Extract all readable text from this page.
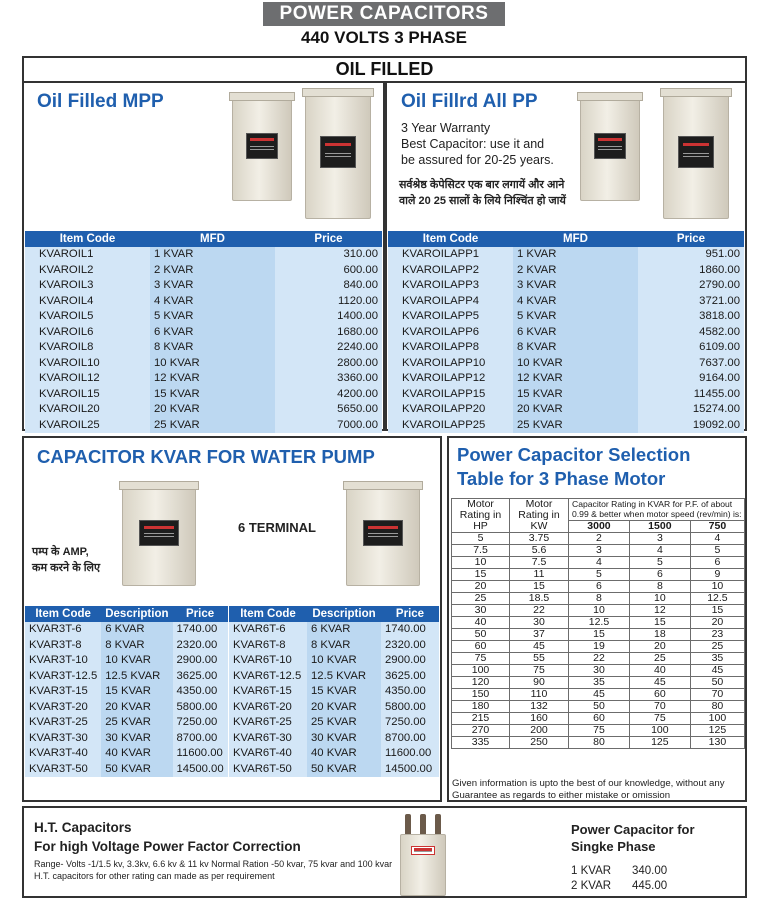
POWER CAPACITORS
440 VOLTS 3 PHASE
OIL FILLED
Oil Filled MPP
Item Code	MFD	Price
KVAROIL1	1 KVAR	310.00
KVAROIL2	2 KVAR	600.00
KVAROIL3	3 KVAR	840.00
KVAROIL4	4 KVAR	1120.00
KVAROIL5	5 KVAR	1400.00
KVAROIL6	6 KVAR	1680.00
KVAROIL8	8 KVAR	2240.00
KVAROIL10	10 KVAR	2800.00
KVAROIL12	12 KVAR	3360.00
KVAROIL15	15 KVAR	4200.00
KVAROIL20	20 KVAR	5650.00
KVAROIL25	25 KVAR	7000.00
Oil Fillrd All PP
3 Year Warranty
Best Capacitor: use it and
be assured for 20-25 years.
सर्वश्रेष्ठ केपेसिटर एक बार लगायें और आने
वाले 20 25 सालों के लिये निश्चिंत हो जायें
Item Code	MFD	Price
KVAROILAPP1	1 KVAR	951.00
KVAROILAPP2	2 KVAR	1860.00
KVAROILAPP3	3 KVAR	2790.00
KVAROILAPP4	4 KVAR	3721.00
KVAROILAPP5	5 KVAR	3818.00
KVAROILAPP6	6 KVAR	4582.00
KVAROILAPP8	8 KVAR	6109.00
KVAROILAPP10	10 KVAR	7637.00
KVAROILAPP12	12 KVAR	9164.00
KVAROILAPP15	15 KVAR	11455.00
KVAROILAPP20	20 KVAR	15274.00
KVAROILAPP25	25 KVAR	19092.00
CAPACITOR KVAR FOR WATER PUMP
पम्प के AMP,
कम करने के लिए
6 TERMINAL
Item Code	Description	Price
KVAR3T-6	6 KVAR	1740.00
KVAR3T-8	8 KVAR	2320.00
KVAR3T-10	10 KVAR	2900.00
KVAR3T-12.5	12.5 KVAR	3625.00
KVAR3T-15	15 KVAR	4350.00
KVAR3T-20	20 KVAR	5800.00
KVAR3T-25	25 KVAR	7250.00
KVAR3T-30	30 KVAR	8700.00
KVAR3T-40	40 KVAR	11600.00
KVAR3T-50	50 KVAR	14500.00
Item Code	Description	Price
KVAR6T-6	6 KVAR	1740.00
KVAR6T-8	8 KVAR	2320.00
KVAR6T-10	10 KVAR	2900.00
KVAR6T-12.5	12.5 KVAR	3625.00
KVAR6T-15	15 KVAR	4350.00
KVAR6T-20	20 KVAR	5800.00
KVAR6T-25	25 KVAR	7250.00
KVAR6T-30	30 KVAR	8700.00
KVAR6T-40	40 KVAR	11600.00
KVAR6T-50	50 KVAR	14500.00
Power Capacitor Selection
Table for 3 Phase Motor
Motor Rating in HP	Motor Rating in KW	Capacitor Rating in KVAR for P.F. of about 0.99 & better when motor speed (rev/min) is:		
		3000	1500	750
5	3.75	2	3	4
7.5	5.6	3	4	5
10	7.5	4	5	6
15	11	5	6	9
20	15	6	8	10
25	18.5	8	10	12.5
30	22	10	12	15
40	30	12.5	15	20
50	37	15	18	23
60	45	19	20	25
75	55	22	25	35
100	75	30	40	45
120	90	35	45	50
150	110	45	60	70
180	132	50	70	80
215	160	60	75	100
270	200	75	100	125
335	250	80	125	130
Given information is upto the best of our knowledge, without any
Guarantee as regards to either mistake or omission
H.T. Capacitors
For high Voltage Power Factor Correction
Range- Volts -1/1.5 kv, 3.3kv, 6.6 kv & 11 kv Normal Ration -50 kvar, 75 kvar and 100 kvar
H.T. capacitors for other rating can made as per requirement
Power Capacitor for
Singke Phase
1 KVAR 340.00
2 KVAR 445.00
